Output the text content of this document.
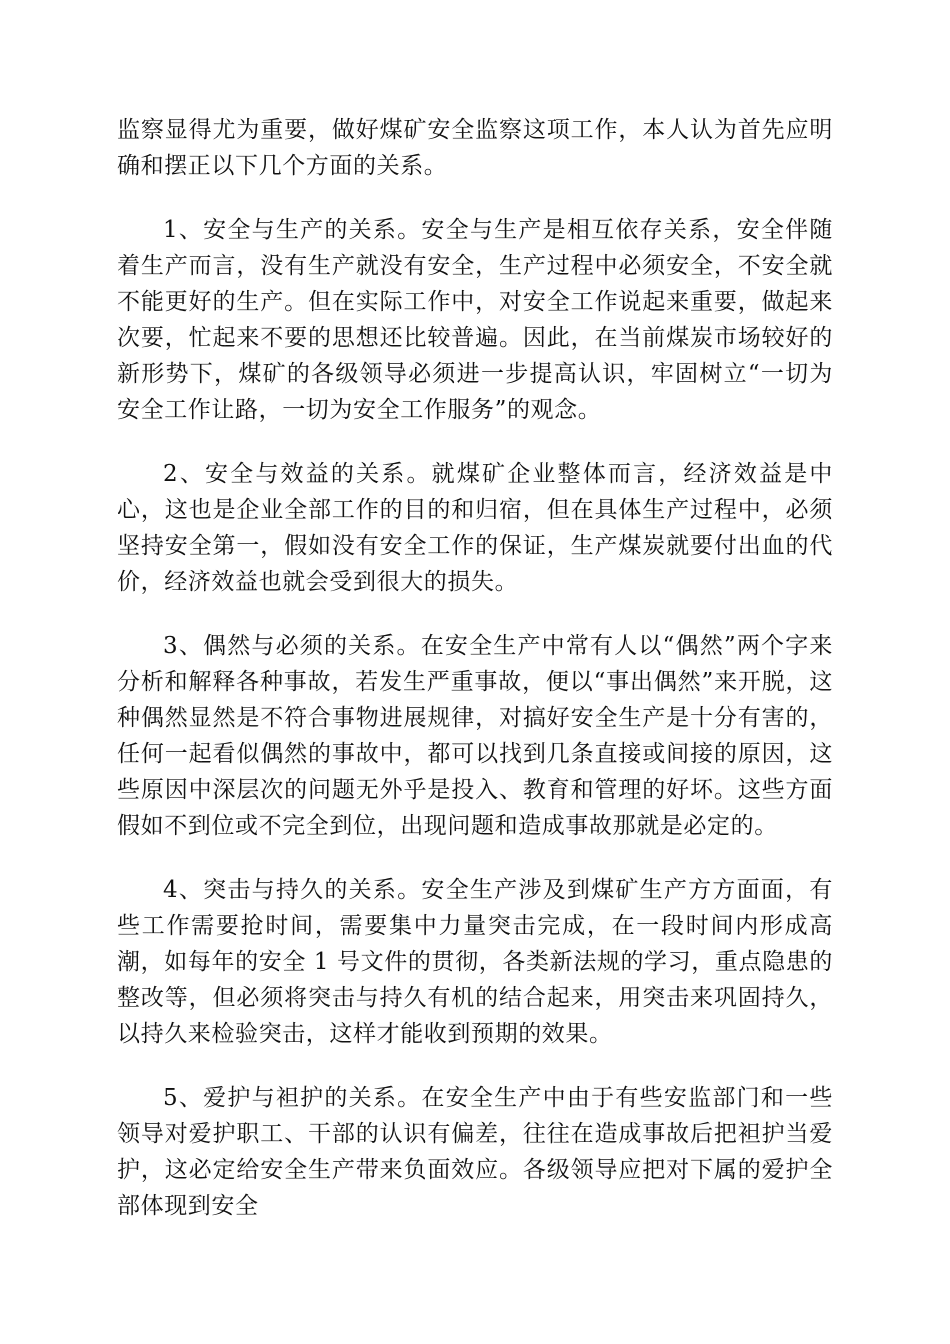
监察显得尤为重要，做好煤矿安全监察这项工作，本人认为首先应明确和摆正以下几个方面的关系。

1、安全与生产的关系。安全与生产是相互依存关系，安全伴随着生产而言，没有生产就没有安全，生产过程中必须安全，不安全就不能更好的生产。但在实际工作中，对安全工作说起来重要，做起来次要，忙起来不要的思想还比较普遍。因此，在当前煤炭市场较好的新形势下，煤矿的各级领导必须进一步提高认识，牢固树立“一切为安全工作让路，一切为安全工作服务”的观念。

2、安全与效益的关系。就煤矿企业整体而言，经济效益是中心，这也是企业全部工作的目的和归宿，但在具体生产过程中，必须坚持安全第一，假如没有安全工作的保证，生产煤炭就要付出血的代价，经济效益也就会受到很大的损失。

3、偶然与必须的关系。在安全生产中常有人以“偶然”两个字来分析和解释各种事故，若发生严重事故，便以“事出偶然”来开脱，这种偶然显然是不符合事物进展规律，对搞好安全生产是十分有害的，任何一起看似偶然的事故中，都可以找到几条直接或间接的原因，这些原因中深层次的问题无外乎是投入、教育和管理的好坏。这些方面假如不到位或不完全到位，出现问题和造成事故那就是必定的。

4、突击与持久的关系。安全生产涉及到煤矿生产方方面面，有些工作需要抢时间，需要集中力量突击完成，在一段时间内形成高潮，如每年的安全 1 号文件的贯彻，各类新法规的学习，重点隐患的整改等，但必须将突击与持久有机的结合起来，用突击来巩固持久，以持久来检验突击，这样才能收到预期的效果。

5、爱护与袒护的关系。在安全生产中由于有些安监部门和一些领导对爱护职工、干部的认识有偏差，往往在造成事故后把袒护当爱护，这必定给安全生产带来负面效应。各级领导应把对下属的爱护全部体现到安全
